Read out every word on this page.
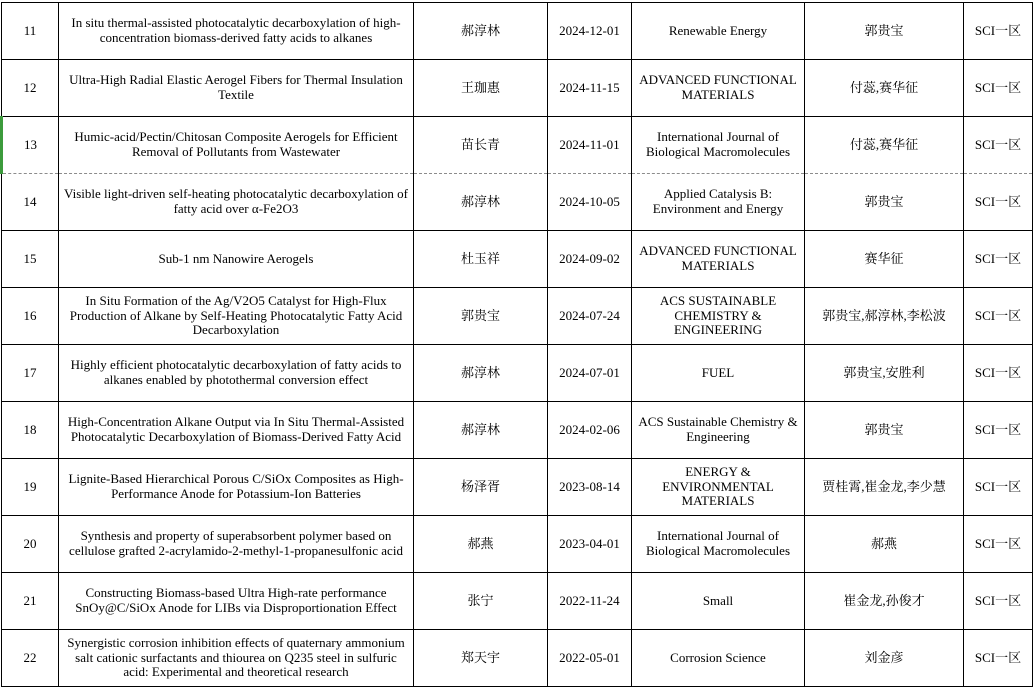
11	In situ thermal-assisted photocatalytic decarboxylation of high-concentration biomass-derived fatty acids to alkanes	郝淳林	2024-12-01	Renewable Energy	郭贵宝	SCI一区
12	Ultra-High Radial Elastic Aerogel Fibers for Thermal Insulation Textile	王珈惠	2024-11-15	ADVANCED FUNCTIONAL MATERIALS	付蕊,赛华征	SCI一区
13	Humic-acid/Pectin/Chitosan Composite Aerogels for Efficient Removal of Pollutants from Wastewater	苗长青	2024-11-01	International Journal of Biological Macromolecules	付蕊,赛华征	SCI一区
14	Visible light-driven self-heating photocatalytic decarboxylation of fatty acid over α-Fe2O3	郝淳林	2024-10-05	Applied Catalysis B: Environment and Energy	郭贵宝	SCI一区
15	Sub-1 nm Nanowire Aerogels	杜玉祥	2024-09-02	ADVANCED FUNCTIONAL MATERIALS	赛华征	SCI一区
16	In Situ Formation of the Ag/V2O5 Catalyst for High-Flux Production of Alkane by Self-Heating Photocatalytic Fatty Acid Decarboxylation	郭贵宝	2024-07-24	ACS SUSTAINABLE CHEMISTRY & ENGINEERING	郭贵宝,郝淳林,李松波	SCI一区
17	Highly efficient photocatalytic decarboxylation of fatty acids to alkanes enabled by photothermal conversion effect	郝淳林	2024-07-01	FUEL	郭贵宝,安胜利	SCI一区
18	High-Concentration Alkane Output via In Situ Thermal-Assisted Photocatalytic Decarboxylation of Biomass-Derived Fatty Acid	郝淳林	2024-02-06	ACS Sustainable Chemistry & Engineering	郭贵宝	SCI一区
19	Lignite-Based Hierarchical Porous C/SiOx Composites as High-Performance Anode for Potassium-Ion Batteries	杨泽胥	2023-08-14	ENERGY & ENVIRONMENTAL MATERIALS	贾桂霄,崔金龙,李少慧	SCI一区
20	Synthesis and property of superabsorbent polymer based on cellulose grafted 2-acrylamido-2-methyl-1-propanesulfonic acid	郝燕	2023-04-01	International Journal of Biological Macromolecules	郝燕	SCI一区
21	Constructing Biomass-based Ultra High-rate performance SnOy@C/SiOx Anode for LIBs via Disproportionation Effect	张宁	2022-11-24	Small	崔金龙,孙俊才	SCI一区
22	Synergistic corrosion inhibition effects of quaternary ammonium salt cationic surfactants and thiourea on Q235 steel in sulfuric acid: Experimental and theoretical research	郑天宇	2022-05-01	Corrosion Science	刘金彦	SCI一区
